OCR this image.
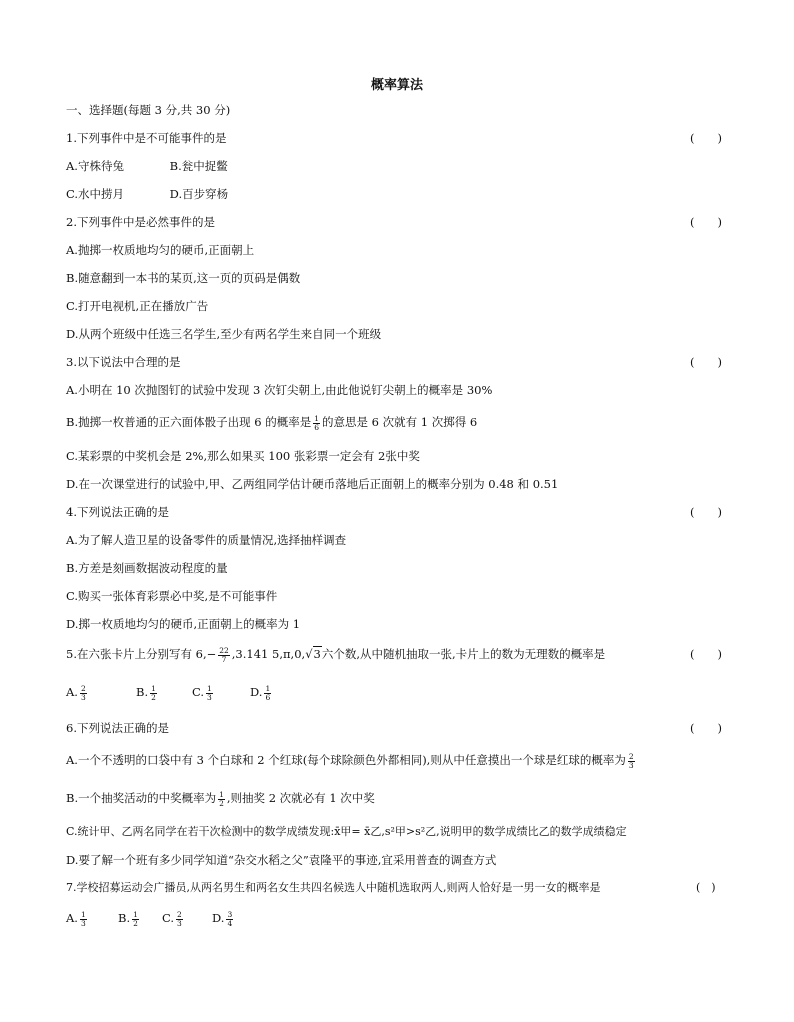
概率算法
一、选择题(每题 3 分,共 30 分)
1.下列事件中是不可能事件的是	(　　)
A.守株待兔	B.瓮中捉鳖
C.水中捞月	D.百步穿杨
2.下列事件中是必然事件的是	(　　)
A.抛掷一枚质地均匀的硬币,正面朝上
B.随意翻到一本书的某页,这一页的页码是偶数
C.打开电视机,正在播放广告
D.从两个班级中任选三名学生,至少有两名学生来自同一个班级
3.以下说法中合理的是	(　　)
A.小明在 10 次抛图钉的试验中发现 3 次钉尖朝上,由此他说钉尖朝上的概率是 30%
B.抛掷一枚普通的正六面体骰子出现 6 的概率是 $\frac{1}{6}$ 的意思是 6 次就有 1 次掷得 6
C.某彩票的中奖机会是 2%,那么如果买 100 张彩票一定会有 2张中奖
D.在一次课堂进行的试验中,甲、乙两组同学估计硬币落地后正面朝上的概率分别为 0.48 和 0.51
4.下列说法正确的是	(　　)
A.为了解人造卫星的设备零件的质量情况,选择抽样调查
B.方差是刻画数据波动程度的量
C.购买一张体育彩票必中奖,是不可能事件
D.掷一枚质地均匀的硬币,正面朝上的概率为 1
5.在六张卡片上分别写有 $6,- \frac{22}{7} ,3.141$ 5,π,0,√3六个数,从中随机抽取一张,卡片上的数为无理数的概率是	(　　)
A. $\frac{2}{3}$	B. $\frac{1}{2}$	C. $\frac{1}{3}$	D. $\frac{1}{6}$
6.下列说法正确的是	(　　)
A.一个不透明的口袋中有 3 个白球和 2 个红球(每个球除颜色外都相同),则从中任意摸出一个球是红球的概率为 $\frac{2}{3}$
B.一个抽奖活动的中奖概率为 $\frac{1}{2}$ ,则抽奖 2 次就必有 1 次中奖
C.统计甲、乙两名同学在若干次检测中的数学成绩发现:x̄甲= x̄乙,s²甲>s²乙,说明甲的数学成绩比乙的数学成绩稳定
D.要了解一个班有多少同学知道“杂交水稻之父”袁隆平的事迹,宜采用普查的调查方式
7.学校招募运动会广播员,从两名男生和两名女生共四名候选人中随机选取两人,则两人恰好是一男一女的概率是	(　)
A. $\frac{1}{3}$	B. $\frac{1}{2} C$. $\frac{2}{3}$	D. $\frac{3}{4}$
